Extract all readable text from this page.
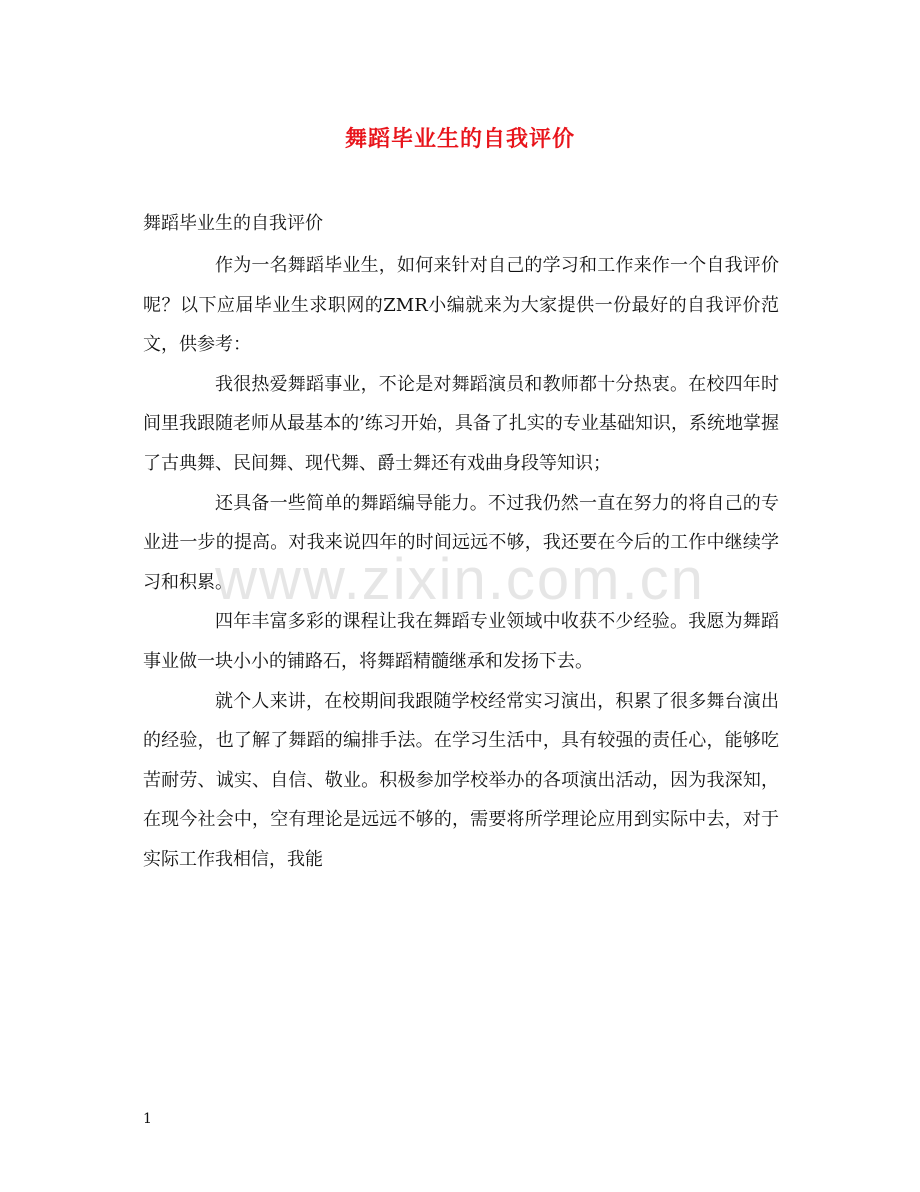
舞蹈毕业生的自我评价
舞蹈毕业生的自我评价

作为一名舞蹈毕业生，如何来针对自己的学习和工作来作一个自我评价呢？以下应届毕业生求职网的ZMR小编就来为大家提供一份最好的自我评价范文，供参考：

我很热爱舞蹈事业，不论是对舞蹈演员和教师都十分热衷。在校四年时间里我跟随老师从最基本的’练习开始，具备了扎实的专业基础知识，系统地掌握了古典舞、民间舞、现代舞、爵士舞还有戏曲身段等知识；

还具备一些简单的舞蹈编导能力。不过我仍然一直在努力的将自己的专业进一步的提高。对我来说四年的时间远远不够，我还要在今后的工作中继续学习和积累。

四年丰富多彩的课程让我在舞蹈专业领域中收获不少经验。我愿为舞蹈事业做一块小小的铺路石，将舞蹈精髓继承和发扬下去。

就个人来讲，在校期间我跟随学校经常实习演出，积累了很多舞台演出的经验，也了解了舞蹈的编排手法。在学习生活中，具有较强的责任心，能够吃苦耐劳、诚实、自信、敬业。积极参加学校举办的各项演出活动，因为我深知，在现今社会中，空有理论是远远不够的，需要将所学理论应用到实际中去，对于实际工作我相信，我能

www.zixin.com.cn
1
